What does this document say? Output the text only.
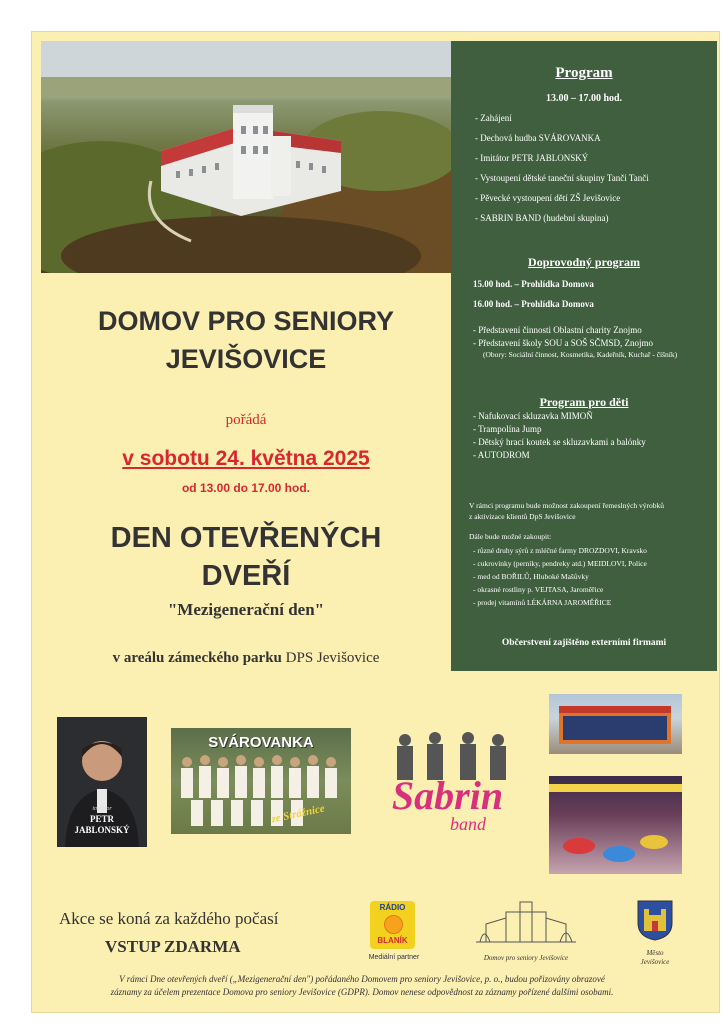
Program
13.00 – 17.00 hod.
- Zahájení
- Dechová hudba SVÁROVANKA
- Imitátor PETR JABLONSKÝ
- Vystoupení dětské taneční skupiny Tanči Tanči
- Pěvecké vystoupení dětí ZŠ Jevišovice
- SABRIN BAND (hudební skupina)
Doprovodný program
15.00 hod. – Prohlídka Domova
16.00 hod. – Prohlídka Domova
- Představení činnosti Oblastní charity Znojmo
- Představení školy SOU a SOŠ SČMSD, Znojmo
(Obory: Sociální činnost, Kosmetika, Kadeřník, Kuchař - číšník)
Program pro děti
- Nafukovací skluzavka MIMOŇ
- Trampolína Jump
- Dětský hrací koutek se skluzavkami a balónky
- AUTODROM
V rámci programu bude možnost zakoupení řemeslných výrobků
z aktivizace klientů DpS Jevišovice
Dále bude možné zakoupit:
- různé druhy sýrů z mléčné farmy DROZDOVI, Kravsko
- cukrovinky (perníky, pendreky atd.) MEIDLOVI, Police
- med od BOŘILŮ, Hluboké Mašůvky
- okrasné rostliny p. VEJTASA, Jaroměřice
- prodej vitamínů LÉKÁRNA JAROMĚŘICE
Občerstvení zajištěno externími firmami
DOMOV PRO SENIORY
JEVIŠOVICE
pořádá
v sobotu 24. května 2025
od 13.00 do 17.00 hod.
DEN OTEVŘENÝCH
DVEŘÍ
"Mezigenerační den"
v areálu zámeckého parku DPS Jevišovice
imitátor
PETR
JABLONSKÝ
SVÁROVANKA
ze Strážnice	Sabrin
band
Akce se koná za každého počasí
VSTUP ZDARMA
RÁDIO
BLANÍK
Mediální partner	Domov pro seniory Jevišovice
Město
Jevišovice
V rámci Dne otevřených dveří („Mezigenerační den") pořádaného Domovem pro seniory Jevišovice, p. o., budou pořizovány obrazové
záznamy za účelem prezentace Domova pro seniory Jevišovice (GDPR). Domov nenese odpovědnost za záznamy pořízené dalšími osobami.
